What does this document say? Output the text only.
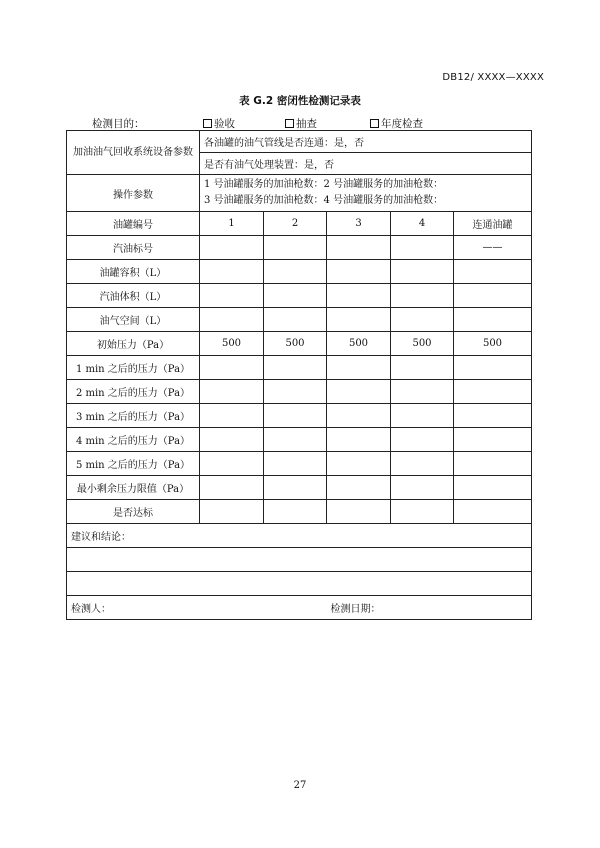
DB12/ XXXX—XXXX
表 G.2 密闭性检测记录表
检测目的：	验收	抽查	年度检查
加油油气回收系统设备参数	各油罐的油气管线是否连通：是，否				
	是否有油气处理装置：是，否				
操作参数	1 号油罐服务的加油枪数：2 号油罐服务的加油枪数：
3 号油罐服务的加油枪数：4 号油罐服务的加油枪数：				

油罐编号	1	2	3	4	连通油罐
汽油标号					——
油罐容积（L）					
汽油体积（L）					
油气空间（L）					
初始压力（Pa）	500	500	500	500	500
1 min 之后的压力（Pa）					
2 min 之后的压力（Pa）					
3 min 之后的压力（Pa）					
4 min 之后的压力（Pa）					
5 min 之后的压力（Pa）					
最小剩余压力限值（Pa）					
是否达标					
建议和结论：					

检测人：			检测日期：		
27
